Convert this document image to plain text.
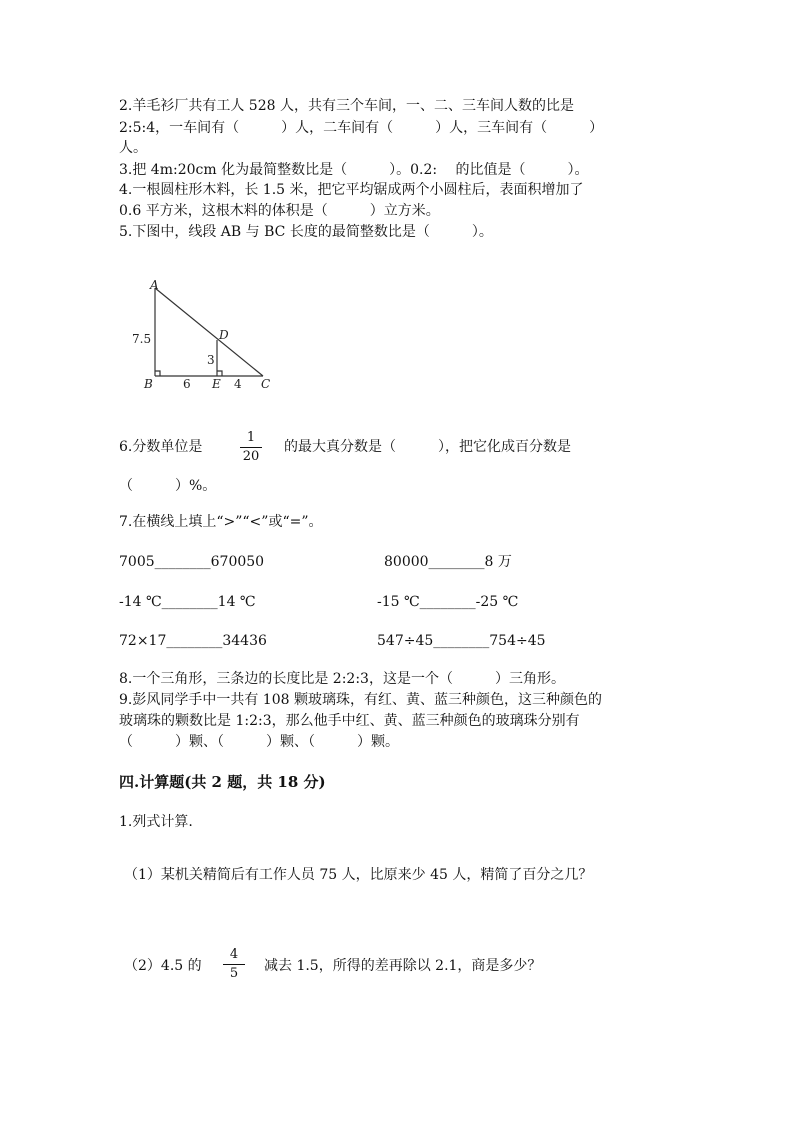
2.羊毛衫厂共有工人 528 人，共有三个车间，一、二、三车间人数的比是
2:5:4，一车间有（　　　）人，二车间有（　　　）人，三车间有（　　　）
人。
3.把 4m:20cm 化为最简整数比是（　　　）。0.2:　 的比值是（　　　）。
4.一根圆柱形木料，长 1.5 米，把它平均锯成两个小圆柱后，表面积增加了
0.6 平方米，这根木料的体积是（　　　）立方米。
5.下图中，线段 AB 与 BC 长度的最简整数比是（　　　）。
A
B	C
D
E
7.5
3
6	4
6.分数单位是
1
20
的最大真分数是（　　　），把它化成百分数是
（　　　）%。
7.在横线上填上“>”“<”或“=”。
7005________670050	80000________8 万
-14 ℃________14 ℃	-15 ℃________-25 ℃
72×17________34436	547÷45________754÷45
8.一个三角形，三条边的长度比是 2:2:3，这是一个（　　　）三角形。
9.彭风同学手中一共有 108 颗玻璃珠，有红、黄、蓝三种颜色，这三种颜色的
玻璃珠的颗数比是 1:2:3，那么他手中红、黄、蓝三种颜色的玻璃珠分别有
（　　　）颗、（　　　）颗、（　　　）颗。
四.计算题(共 2 题，共 18 分)
1.列式计算.
（1）某机关精简后有工作人员 75 人，比原来少 45 人，精简了百分之几？
（2）4.5 的
4
5	减去 1.5，所得的差再除以 2.1，商是多少？
